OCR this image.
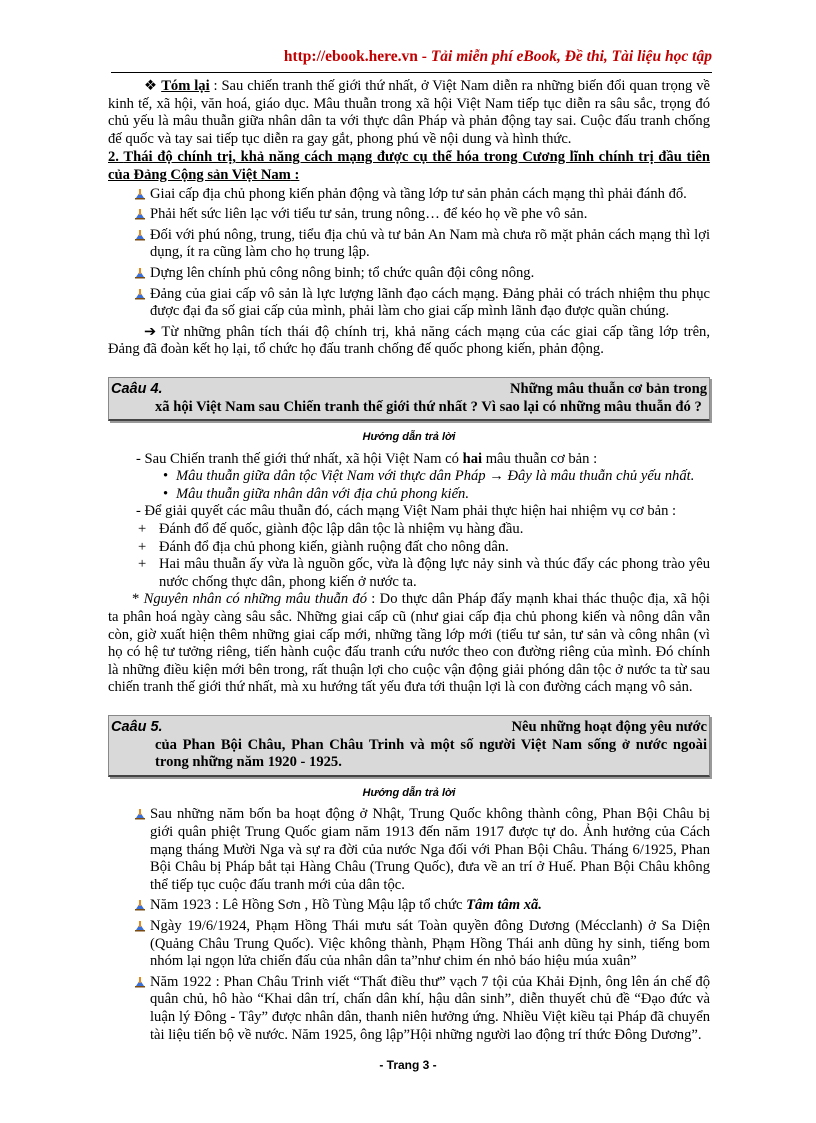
http://ebook.here.vn - Tải miễn phí eBook, Đề thi, Tài liệu học tập

❖ Tóm lại : Sau chiến tranh thế giới thứ nhất, ở Việt Nam diễn ra những biến đổi quan trọng về kinh tế, xã hội, văn hoá, giáo dục. Mâu thuẫn trong xã hội Việt Nam tiếp tục diễn ra sâu sắc, trọng đó chủ yếu là mâu thuẫn giữa nhân dân ta với thực dân Pháp và phản động tay sai. Cuộc đấu tranh chống đế quốc và tay sai tiếp tục diễn ra gay gắt, phong phú về nội dung và hình thức.

2. Thái độ chính trị, khả năng cách mạng được cụ thể hóa trong Cương lĩnh chính trị đầu tiên của Đảng Cộng sản Việt Nam :

Giai cấp địa chủ phong kiến phản động và tầng lớp tư sản phản cách mạng thì phải đánh đổ.

Phải hết sức liên lạc với tiểu tư sản, trung nông… để kéo họ về phe vô sản.

Đối với phú nông, trung, tiểu địa chủ và tư bản An Nam mà chưa rõ mặt phản cách mạng thì lợi dụng, ít ra cũng làm cho họ trung lập.

Dựng lên chính phủ công nông binh; tổ chức quân đội công nông.

Đảng của giai cấp vô sản là lực lượng lãnh đạo cách mạng. Đảng phải có trách nhiệm thu phục được đại đa số giai cấp của mình, phải làm cho giai cấp mình lãnh đạo được quần chúng.

➔ Từ những phân tích thái độ chính trị, khả năng cách mạng của các giai cấp tầng lớp trên, Đảng đã đoàn kết họ lại, tổ chức họ đấu tranh chống đế quốc phong kiến, phản động.

Caâu 4.	Những mâu thuẫn cơ bản trong
xã hội Việt Nam sau Chiến tranh thế giới thứ nhất ? Vì sao lại có những mâu thuẫn đó ?
Hướng dẫn trả lời

- Sau Chiến tranh thế giới thứ nhất, xã hội Việt Nam có hai mâu thuẫn cơ bản :

• Mâu thuẫn giữa dân tộc Việt Nam với thực dân Pháp → Đây là mâu thuẫn chủ yếu nhất.

• Mâu thuẫn giữa nhân dân với địa chủ phong kiến.

- Để giải quyết các mâu thuẫn đó, cách mạng Việt Nam phải thực hiện hai nhiệm vụ cơ bản :

+ Đánh đổ đế quốc, giành độc lập dân tộc là nhiệm vụ hàng đầu.

+ Đánh đổ địa chủ phong kiến, giành ruộng đất cho nông dân.

+ Hai mâu thuẫn ấy vừa là nguồn gốc, vừa là động lực nảy sinh và thúc đẩy các phong trào yêu nước chống thực dân, phong kiến ở nước ta.

* Nguyên nhân có những mâu thuẫn đó : Do thực dân Pháp đẩy mạnh khai thác thuộc địa, xã hội ta phân hoá ngày càng sâu sắc. Những giai cấp cũ (như giai cấp địa chủ phong kiến và nông dân vẫn còn, giờ xuất hiện thêm những giai cấp mới, những tầng lớp mới (tiểu tư sản, tư sản và công nhân (vì họ có hệ tư tưởng riêng, tiến hành cuộc đấu tranh cứu nước theo con đường riêng của mình. Đó chính là những điều kiện mới bên trong, rất thuận lợi cho cuộc vận động giải phóng dân tộc ở nước ta từ sau chiến tranh thế giới thứ nhất, mà xu hướng tất yếu đưa tới thuận lợi là con đường cách mạng vô sản.

Caâu 5.	Nêu những hoạt động yêu nước
của Phan Bội Châu, Phan Châu Trinh và một số người Việt Nam sống ở nước ngoài trong những năm 1920 - 1925.
Hướng dẫn trả lời

Sau những năm bốn ba hoạt động ở Nhật, Trung Quốc không thành công, Phan Bội Châu bị giới quân phiệt Trung Quốc giam năm 1913 đến năm 1917 được tự do. Ảnh hưởng của Cách mạng tháng Mười Nga và sự ra đời của nước Nga đối với Phan Bội Châu. Tháng 6/1925, Phan Bội Châu bị Pháp bắt tại Hàng Châu (Trung Quốc), đưa về an trí ở Huế. Phan Bội Châu không thể tiếp tục cuộc đấu tranh mới của dân tộc.

Năm 1923 : Lê Hồng Sơn , Hồ Tùng Mậu lập tổ chức Tâm tâm xã.

Ngày 19/6/1924, Phạm Hồng Thái mưu sát Toàn quyền đông Dương (Mécclanh) ở Sa Diện (Quảng Châu Trung Quốc). Việc không thành, Phạm Hồng Thái anh dũng hy sinh, tiếng bom nhóm lại ngọn lửa chiến đấu của nhân dân ta”như chim én nhỏ báo hiệu múa xuân”

Năm 1922 : Phan Châu Trinh viết “Thất điều thư” vạch 7 tội của Khải Định, ông lên án chế độ quân chủ, hô hào “Khai dân trí, chấn dân khí, hậu dân sinh”, diễn thuyết chủ đề “Đạo đức và luận lý Đông - Tây” được nhân dân, thanh niên hưởng ứng. Nhiều Việt kiều tại Pháp đã chuyển tài liệu tiến bộ về nước. Năm 1925, ông lập”Hội những người lao động trí thức Đông Dương”.

- Trang 3 -
